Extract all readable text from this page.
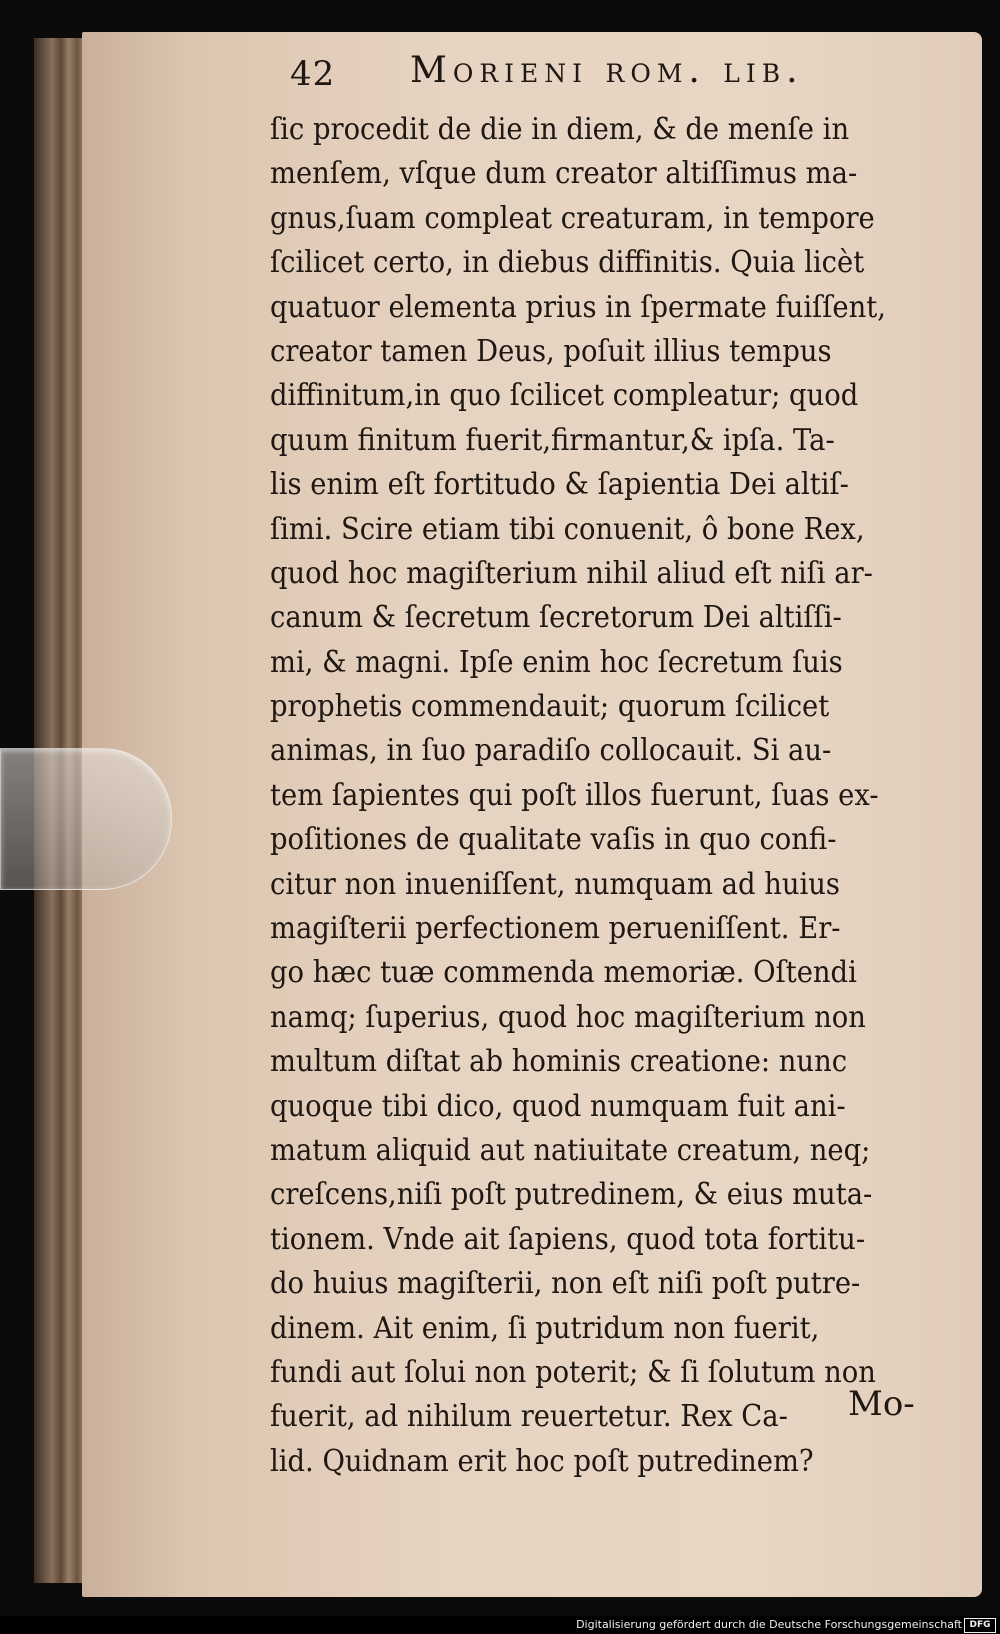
42 Morieni rom. lib.
ſic procedit de die in diem, & de menſe in
menſem, vſque dum creator altiſſimus ma-
gnus,ſuam compleat creaturam, in tempore
ſcilicet certo, in diebus diffinitis. Quia licèt
quatuor elementa prius in ſpermate fuiſſent,
creator tamen Deus, poſuit illius tempus
diffinitum,in quo ſcilicet compleatur; quod
quum finitum fuerit,firmantur,& ipſa. Ta-
lis enim eſt fortitudo & ſapientia Dei altiſ-
ſimi. Scire etiam tibi conuenit, ô bone Rex,
quod hoc magiſterium nihil aliud eſt niſi ar-
canum & ſecretum ſecretorum Dei altiſſi-
mi, & magni. Ipſe enim hoc ſecretum ſuis
prophetis commendauit; quorum ſcilicet
animas, in ſuo paradiſo collocauit. Si au-
tem ſapientes qui poſt illos fuerunt, ſuas ex-
poſitiones de qualitate vaſis in quo confi-
citur non inueniſſent, numquam ad huius
magiſterii perfectionem perueniſſent. Er-
go hæc tuæ commenda memoriæ. Oſtendi
namq; ſuperius, quod hoc magiſterium non
multum diſtat ab hominis creatione: nunc
quoque tibi dico, quod numquam fuit ani-
matum aliquid aut natiuitate creatum, neq;
creſcens,niſi poſt putredinem, & eius muta-
tionem. Vnde ait ſapiens, quod tota fortitu-
do huius magiſterii, non eſt niſi poſt putre-
dinem. Ait enim, ſi putridum non fuerit,
fundi aut ſolui non poterit; & ſi ſolutum non
fuerit, ad nihilum reuertetur. Rex Ca-
lid. Quidnam erit hoc poſt putredinem?
Mo-
Digitalisierung gefördert durch die Deutsche Forschungsgemeinschaft DFG
